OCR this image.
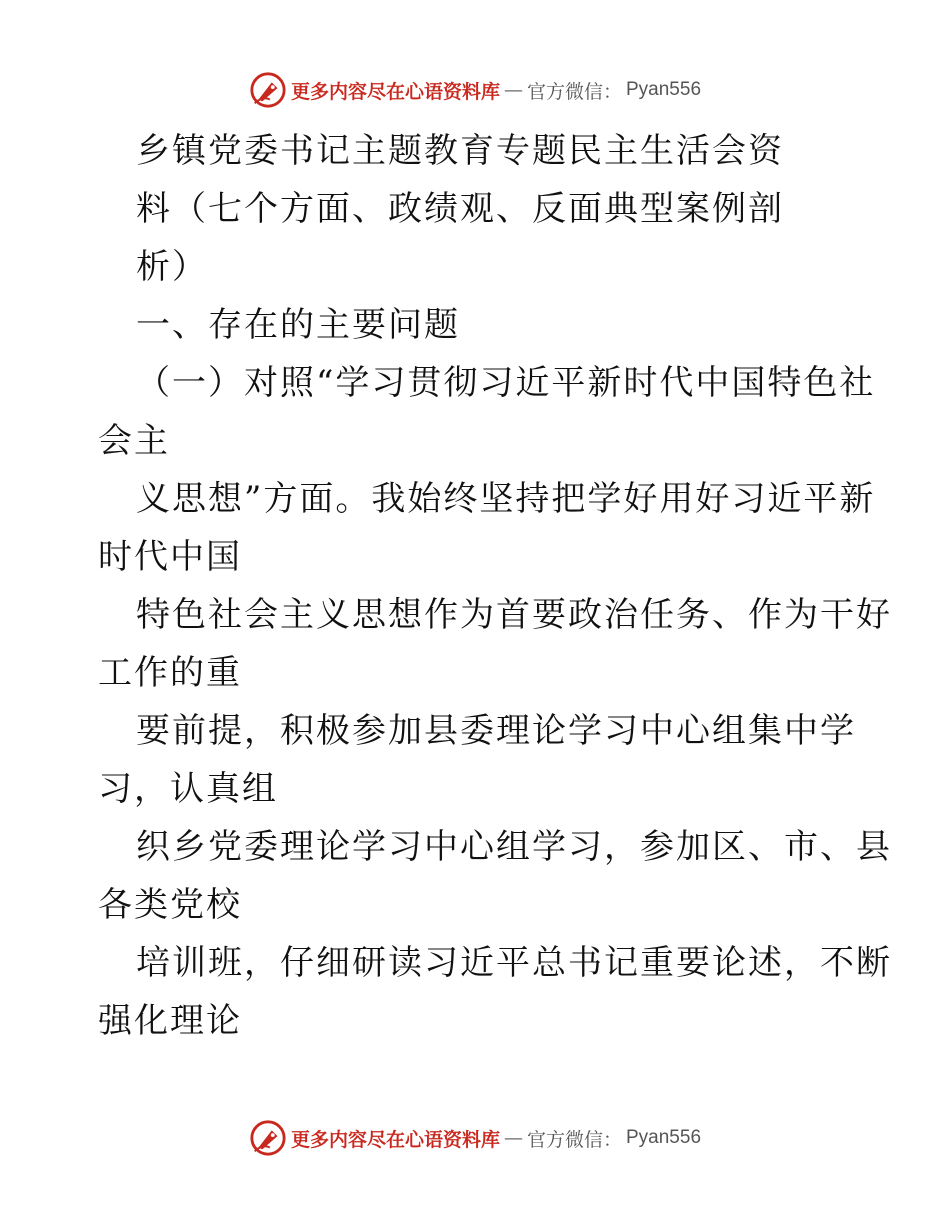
更多内容尽在心语资料库 — 官方微信： Pyan556

乡镇党委书记主题教育专题民主生活会资

料（七个方面、政绩观、反面典型案例剖

析）

一、存在的主要问题

（一）对照“学习贯彻习近平新时代中国特色社

会主

义思想”方面。我始终坚持把学好用好习近平新

时代中国

特色社会主义思想作为首要政治任务、作为干好

工作的重

要前提，积极参加县委理论学习中心组集中学

习，认真组

织乡党委理论学习中心组学习，参加区、市、县

各类党校

培训班，仔细研读习近平总书记重要论述，不断

强化理论

更多内容尽在心语资料库 — 官方微信： Pyan556
